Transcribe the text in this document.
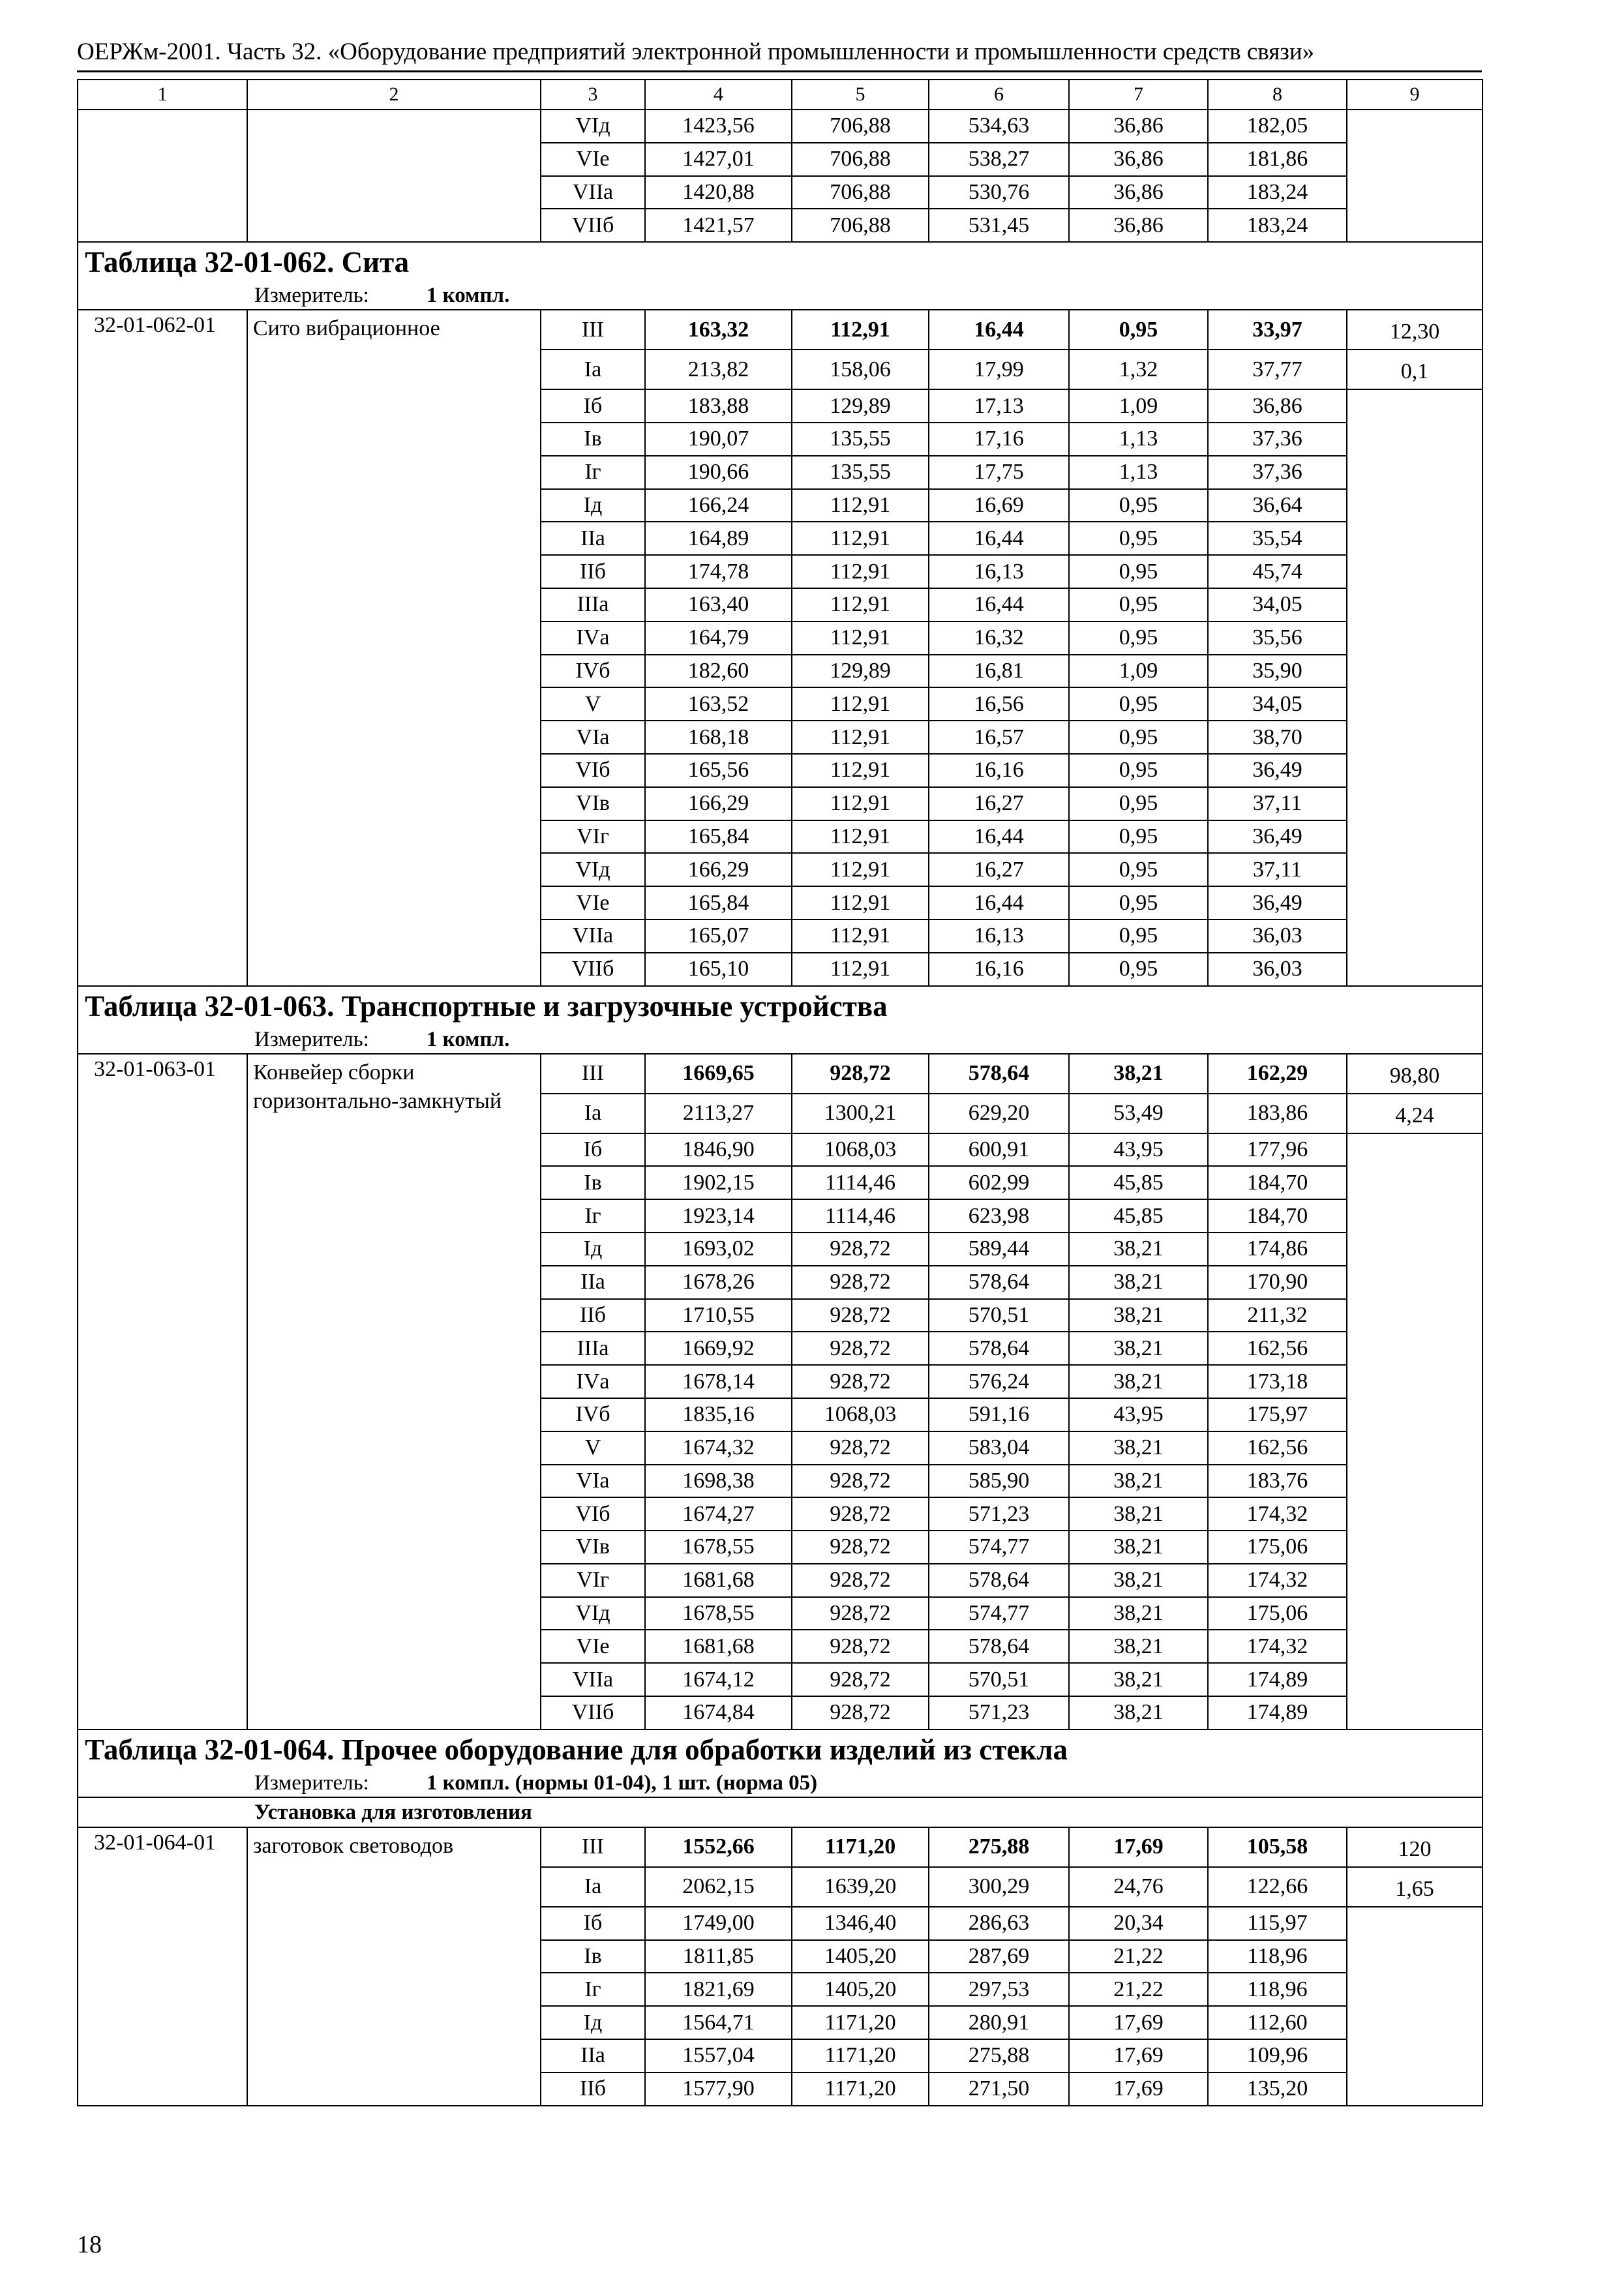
ОЕРЖм-2001. Часть 32. «Оборудование предприятий электронной промышленности и промышленности средств связи»
1	2	3	4	5	6	7	8	9
		VIд	1423,56	706,88	534,63	36,86	182,05	
		VIе	1427,01	706,88	538,27	36,86	181,86	
		VIIа	1420,88	706,88	530,76	36,86	183,24	
		VIIб	1421,57	706,88	531,45	36,86	183,24	
Таблица 32-01-062. Сита								
Измеритель: 1 компл.								
32-01-062-01	Сито вибрационное	III	163,32	112,91	16,44	0,95	33,97	12,30
		Iа	213,82	158,06	17,99	1,32	37,77	0,1
		Iб	183,88	129,89	17,13	1,09	36,86	
		Iв	190,07	135,55	17,16	1,13	37,36	
		Iг	190,66	135,55	17,75	1,13	37,36	
		Iд	166,24	112,91	16,69	0,95	36,64	
		IIа	164,89	112,91	16,44	0,95	35,54	
		IIб	174,78	112,91	16,13	0,95	45,74	
		IIIа	163,40	112,91	16,44	0,95	34,05	
		IVа	164,79	112,91	16,32	0,95	35,56	
		IVб	182,60	129,89	16,81	1,09	35,90	
		V	163,52	112,91	16,56	0,95	34,05	
		VIа	168,18	112,91	16,57	0,95	38,70	
		VIб	165,56	112,91	16,16	0,95	36,49	
		VIв	166,29	112,91	16,27	0,95	37,11	
		VIг	165,84	112,91	16,44	0,95	36,49	
		VIд	166,29	112,91	16,27	0,95	37,11	
		VIе	165,84	112,91	16,44	0,95	36,49	
		VIIа	165,07	112,91	16,13	0,95	36,03	
		VIIб	165,10	112,91	16,16	0,95	36,03	
Таблица 32-01-063. Транспортные и загрузочные устройства								
Измеритель: 1 компл.								
32-01-063-01	Конвейер сборки горизонтально-замкнутый	III	1669,65	928,72	578,64	38,21	162,29	98,80
		Iа	2113,27	1300,21	629,20	53,49	183,86	4,24
		Iб	1846,90	1068,03	600,91	43,95	177,96	
		Iв	1902,15	1114,46	602,99	45,85	184,70	
		Iг	1923,14	1114,46	623,98	45,85	184,70	
		Iд	1693,02	928,72	589,44	38,21	174,86	
		IIа	1678,26	928,72	578,64	38,21	170,90	
		IIб	1710,55	928,72	570,51	38,21	211,32	
		IIIа	1669,92	928,72	578,64	38,21	162,56	
		IVа	1678,14	928,72	576,24	38,21	173,18	
		IVб	1835,16	1068,03	591,16	43,95	175,97	
		V	1674,32	928,72	583,04	38,21	162,56	
		VIа	1698,38	928,72	585,90	38,21	183,76	
		VIб	1674,27	928,72	571,23	38,21	174,32	
		VIв	1678,55	928,72	574,77	38,21	175,06	
		VIг	1681,68	928,72	578,64	38,21	174,32	
		VIд	1678,55	928,72	574,77	38,21	175,06	
		VIе	1681,68	928,72	578,64	38,21	174,32	
		VIIа	1674,12	928,72	570,51	38,21	174,89	
		VIIб	1674,84	928,72	571,23	38,21	174,89	
Таблица 32-01-064. Прочее оборудование для обработки изделий из стекла								
Измеритель: 1 компл. (нормы 01-04), 1 шт. (норма 05)								
Установка для изготовления								
32-01-064-01	заготовок световодов	III	1552,66	1171,20	275,88	17,69	105,58	120
		Iа	2062,15	1639,20	300,29	24,76	122,66	1,65
		Iб	1749,00	1346,40	286,63	20,34	115,97	
		Iв	1811,85	1405,20	287,69	21,22	118,96	
		Iг	1821,69	1405,20	297,53	21,22	118,96	
		Iд	1564,71	1171,20	280,91	17,69	112,60	
		IIа	1557,04	1171,20	275,88	17,69	109,96	
		IIб	1577,90	1171,20	271,50	17,69	135,20	
18
